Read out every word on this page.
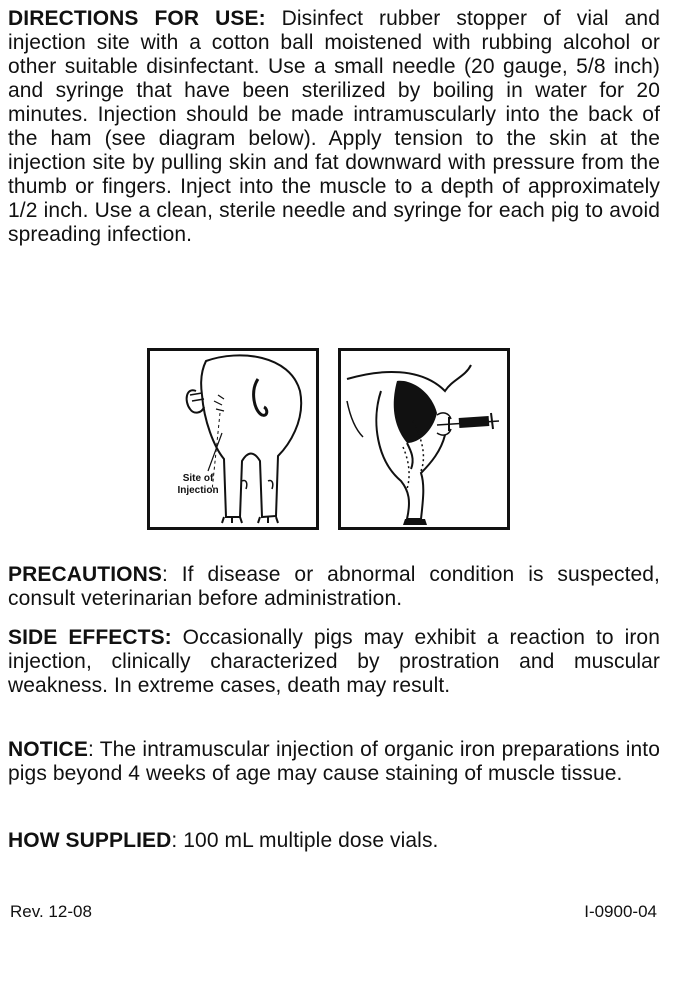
DIRECTIONS FOR USE: Disinfect rubber stopper of vial and injection site with a cotton ball moistened with rubbing alcohol or other suitable disinfectant. Use a small needle (20 gauge, 5/8 inch) and syringe that have been sterilized by boiling in water for 20 minutes. Injection should be made intramuscularly into the back of the ham (see diagram below). Apply tension to the skin at the injection site by pulling skin and fat downward with pressure from the thumb or fingers. Inject into the muscle to a depth of approximately 1/2 inch. Use a clean, sterile needle and syringe for each pig to avoid spreading infection.
Site of
Injection
PRECAUTIONS: If disease or abnormal condition is suspected, consult veterinarian before administration.
SIDE EFFECTS: Occasionally pigs may exhibit a reaction to iron injection, clinically characterized by prostration and muscular weakness. In extreme cases, death may result.
NOTICE: The intramuscular injection of organic iron preparations into pigs beyond 4 weeks of age may cause staining of muscle tissue.
HOW SUPPLIED: 100 mL multiple dose vials.
Rev. 12-08	I-0900-04
